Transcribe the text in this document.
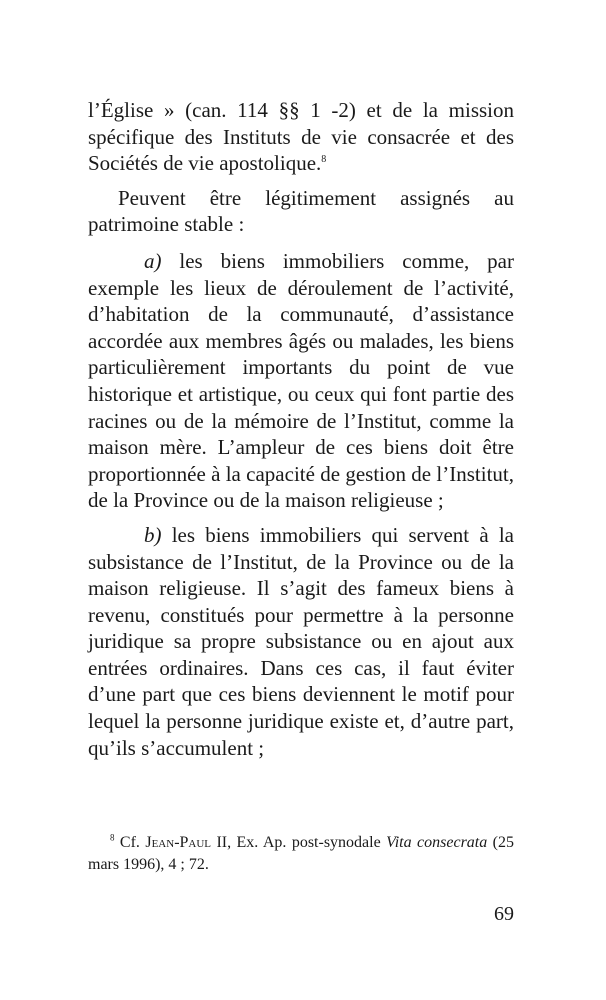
l’Église » (can. 114 §§ 1 -2) et de la mission spécifique des Instituts de vie consacrée et des Sociétés de vie apostolique.$^8$

Peuvent être légitimement assignés au patrimoine stable :

a) les biens immobiliers comme, par exemple les lieux de déroulement de l’activité, d’habitation de la communauté, d’assistance accordée aux membres âgés ou malades, les biens particulièrement importants du point de vue historique et artistique, ou ceux qui font partie des racines ou de la mémoire de l’Institut, comme la maison mère. L’ampleur de ces biens doit être proportionnée à la capacité de gestion de l’Institut, de la Province ou de la maison religieuse ;

b) les biens immobiliers qui servent à la subsistance de l’Institut, de la Province ou de la maison religieuse. Il s’agit des fameux biens à revenu, constitués pour permettre à la personne juridique sa propre subsistance ou en ajout aux entrées ordinaires. Dans ces cas, il faut éviter d’une part que ces biens deviennent le motif pour lequel la personne juridique existe et, d’autre part, qu’ils s’accumulent ;

$^8$ Cf. Jean-Paul II, Ex. Ap. post-synodale Vita consecrata (25 mars 1996), 4 ; 72.

69
